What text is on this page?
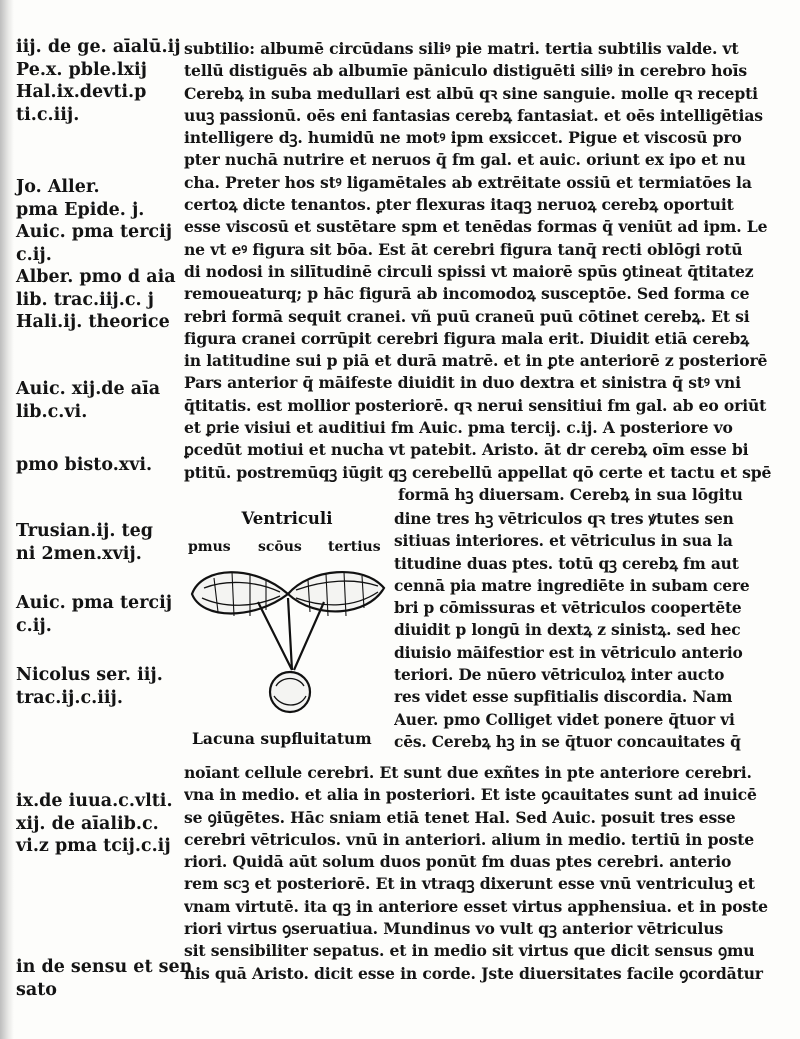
iij. de ge. aīalū.ij
Pe.x. pble.lxij
Hal.ix.devti.p
ti.c.iij.
Jo. Aller.
pma Epide. j.
Auic. pma tercij
c.ij.
Alber. pmo d aia
lib. trac.iij.c. j
Hali.ij. theorice
Auic. xij.de aīa
lib.c.vi.
pmo bisto.xvi.
Trusian.ij. teg
ni 2men.xvij.
Auic. pma tercij
c.ij.
Nicolus ser. iij.
trac.ij.c.iij.
ix.de iuua.c.vlti.
xij. de aīalib.c.
vi.z pma tcij.c.ij
in de sensu et sen
sato
subtilio: albumē circūdans siliꝰ pie matri. tertia subtilis valde. vt
tellū distiguēs ab albumīe pāniculo distiguēti siliꝰ in cerebro hoīs
Cerebꝝ in suba medullari est albū qꝛ sine sanguie. molle qꝛ recepti
uuꝫ passionū. oēs eni fantasias cerebꝝ fantasiat. et oēs intelligētias
intelligere dꝫ. humidū ne motꝰ ipm exsiccet. Pigue et viscosū pro
pter nuchā nutrire et neruos q̄ fm gal. et auic. oriunt ex ipo et nu
cha. Preter hos stꝰ ligamētales ab extrēitate ossiū et termiatōes la
certoꝝ dicte tenantos. ꝑter flexuras itaqꝫ neruoꝝ cerebꝝ oportuit
esse viscosū et sustētare spm et tenēdas formas q̄ veniūt ad ipm. Le
ne vt eꝰ figura sit bōa. Est āt cerebri figura tanq̄ recti oblōgi rotū
di nodosi in silītudinē circuli spissi vt maiorē spūs ꝯtineat q̄titatez
remoueaturq; p hāc figurā ab incomodoꝝ susceptōe. Sed forma ce
rebri formā sequit cranei. vñ puū craneū puū cōtinet cerebꝝ. Et si
figura cranei corrūpit cerebri figura mala erit. Diuidit etiā cerebꝝ
in latitudine sui p piā et durā matrē. et in ꝑte anteriorē z posteriorē
Pars anterior q̄ māifeste diuidit in duo dextra et sinistra q̄ stꝰ vni
q̄titatis. est mollior posteriorē. qꝛ nerui sensitiui fm gal. ab eo oriūt
et ꝑrie visiui et auditiui fm Auic. pma tercij. c.ij. A posteriore vo
ꝑcedūt motiui et nucha vt patebit. Aristo. āt dr cerebꝝ oīm esse bi
ptitū. postremūqꝫ iūgit qꝫ cerebellū appellat qō certe et tactu et spē
formā hꝫ diuersam. Cerebꝝ in sua lōgitu
Ventriculi
pmus scōus tertius
Lacuna supfluitatum
dine tres hꝫ vētriculos qꝛ tres ꝟtutes sen
sitiuas interiores. et vētriculus in sua la
titudine duas ptes. totū qꝫ cerebꝝ fm aut
cennā pia matre ingrediēte in subam cere
bri p cōmissuras et vētriculos coopertēte
diuidit p longū in dextꝝ z sinistꝝ. sed hec
diuisio māifestior est in vētriculo anterio
teriori. De nūero vētriculoꝝ inter aucto
res videt esse supfitialis discordia. Nam
Auer. pmo Colliget videt ponere q̄tuor vi
cēs. Cerebꝝ hꝫ in se q̄tuor concauitates q̄
noīant cellule cerebri. Et sunt due exñtes in pte anteriore cerebri.
vna in medio. et alia in posteriori. Et iste ꝯcauitates sunt ad inuicē
se ꝯiūgētes. Hāc sniam etiā tenet Hal. Sed Auic. posuit tres esse
cerebri vētriculos. vnū in anteriori. alium in medio. tertiū in poste
riori. Quidā aūt solum duos ponūt fm duas ptes cerebri. anterio
rem scꝫ et posteriorē. Et in vtraqꝫ dixerunt esse vnū ventriculuꝫ et
vnam virtutē. ita qꝫ in anteriore esset virtus apphensiua. et in poste
riori virtus ꝯseruatiua. Mundinus vo vult qꝫ anterior vētriculus
sit sensibiliter sepatus. et in medio sit virtus que dicit sensus ꝯmu
nis quā Aristo. dicit esse in corde. Jste diuersitates facile ꝯcordātur
